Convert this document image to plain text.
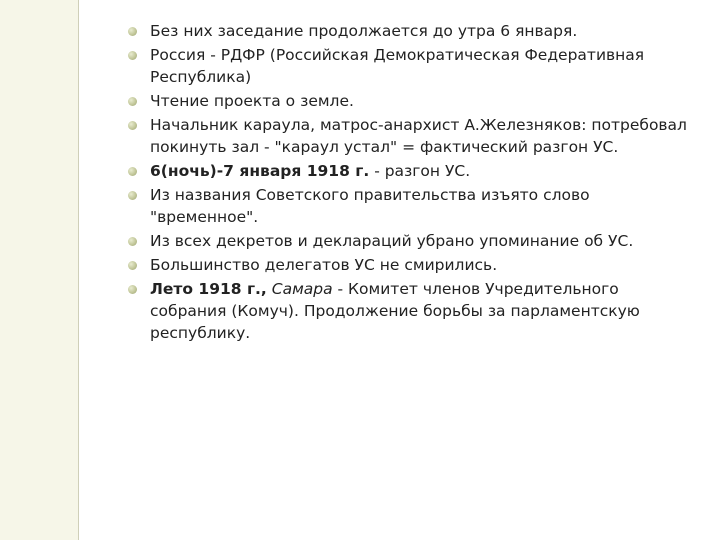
Без них заседание продолжается до утра 6 января.
Россия - РДФР (Российская Демократическая Федеративная Республика)
Чтение проекта о земле.
Начальник караула, матрос-анархист А.Железняков: потребовал покинуть зал - "караул устал" = фактический разгон УС.
6(ночь)-7 января 1918 г. - разгон УС.
Из названия Советского правительства изъято слово "временное".
Из всех декретов и деклараций убрано упоминание об УС.
Большинство делегатов УС не смирились.
Лето 1918 г., Самара - Комитет членов Учредительного собрания (Комуч). Продолжение борьбы за парламентскую республику.
